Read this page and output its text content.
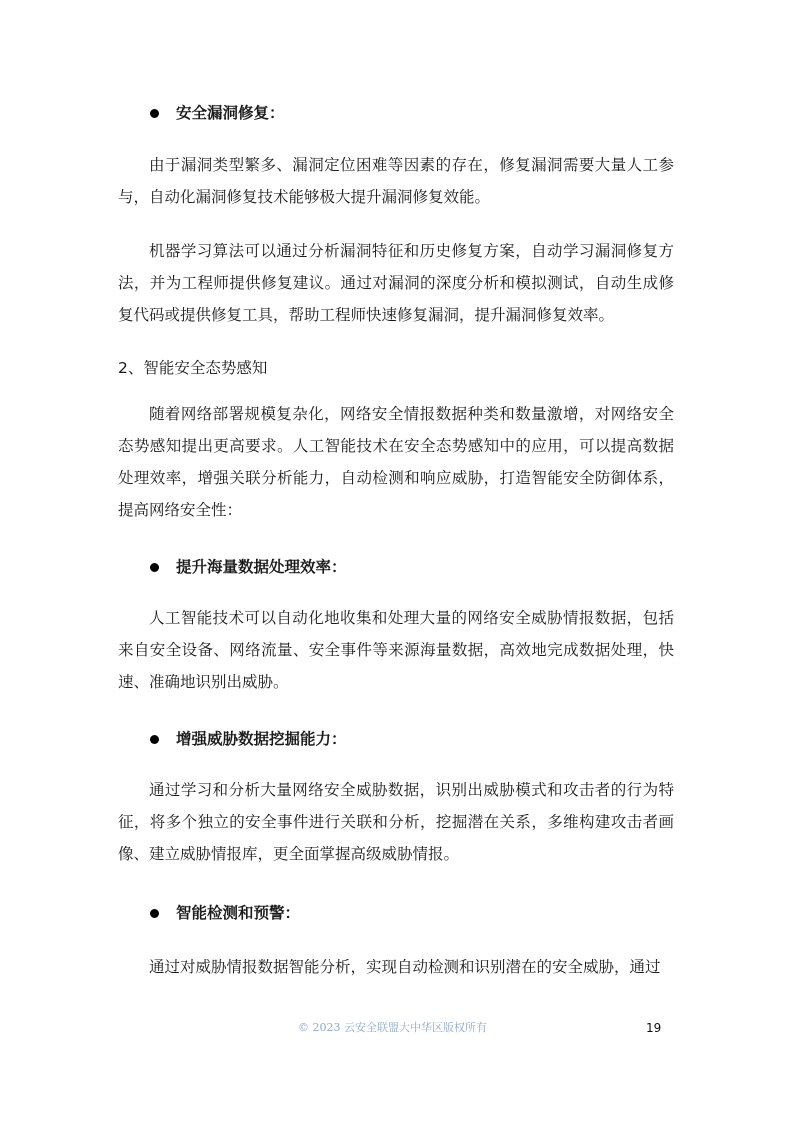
安全漏洞修复：

由于漏洞类型繁多、漏洞定位困难等因素的存在，修复漏洞需要大量人工参与，自动化漏洞修复技术能够极大提升漏洞修复效能。

机器学习算法可以通过分析漏洞特征和历史修复方案，自动学习漏洞修复方法，并为工程师提供修复建议。通过对漏洞的深度分析和模拟测试，自动生成修复代码或提供修复工具，帮助工程师快速修复漏洞，提升漏洞修复效率。

2、智能安全态势感知

随着网络部署规模复杂化，网络安全情报数据种类和数量激增，对网络安全态势感知提出更高要求。人工智能技术在安全态势感知中的应用，可以提高数据处理效率，增强关联分析能力，自动检测和响应威胁，打造智能安全防御体系，提高网络安全性：

提升海量数据处理效率：

人工智能技术可以自动化地收集和处理大量的网络安全威胁情报数据，包括来自安全设备、网络流量、安全事件等来源海量数据，高效地完成数据处理，快速、准确地识别出威胁。

增强威胁数据挖掘能力：

通过学习和分析大量网络安全威胁数据，识别出威胁模式和攻击者的行为特征，将多个独立的安全事件进行关联和分析，挖掘潜在关系，多维构建攻击者画像、建立威胁情报库，更全面掌握高级威胁情报。

智能检测和预警：

通过对威胁情报数据智能分析，实现自动检测和识别潜在的安全威胁，通过

© 2023 云安全联盟大中华区版权所有	19
